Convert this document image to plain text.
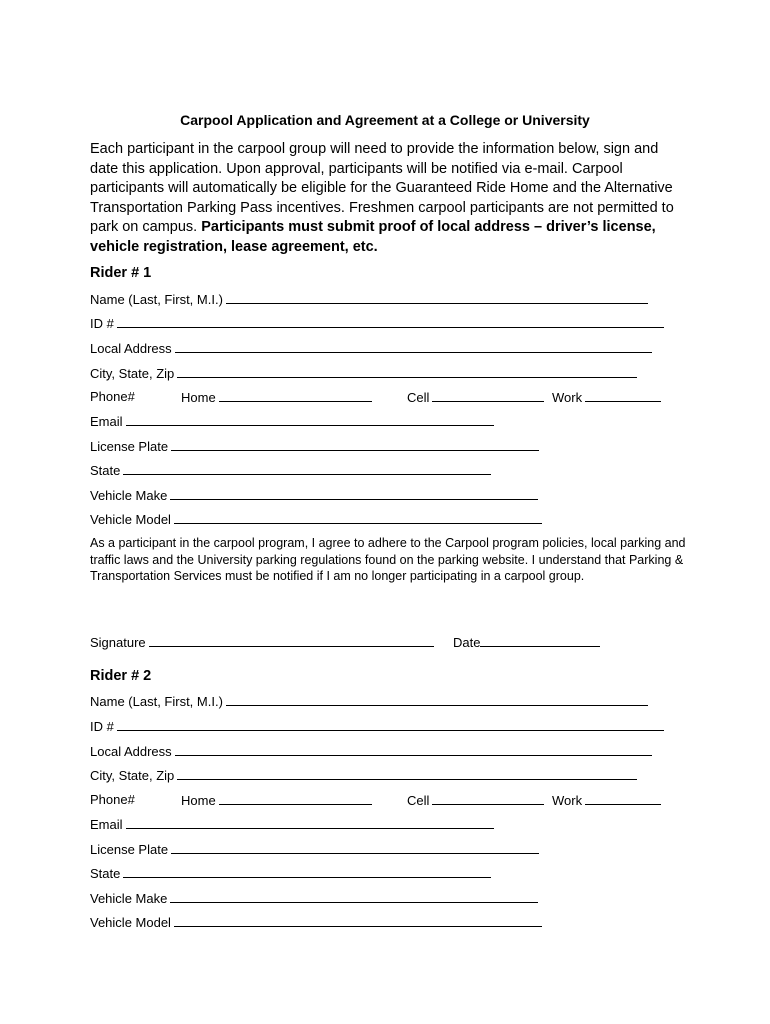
Carpool Application and Agreement at a College or University
Each participant in the carpool group will need to provide the information below, sign and date this application. Upon approval, participants will be notified via e-mail. Carpool participants will automatically be eligible for the Guaranteed Ride Home and the Alternative Transportation Parking Pass incentives. Freshmen carpool participants are not permitted to park on campus. Participants must submit proof of local address – driver’s license, vehicle registration, lease agreement, etc.
Rider # 1
Name (Last, First, M.I.)
ID #
Local Address
City, State, Zip
Phone#	Home	Cell	Work
Email
License Plate
State
Vehicle Make
Vehicle Model
As a participant in the carpool program, I agree to adhere to the Carpool program policies, local parking and traffic laws and the University parking regulations found on the parking website. I understand that Parking & Transportation Services must be notified if I am no longer participating in a carpool group.
Signature	Date
Rider # 2
Name (Last, First, M.I.)
ID #
Local Address
City, State, Zip
Phone#	Home	Cell	Work
Email
License Plate
State
Vehicle Make
Vehicle Model
